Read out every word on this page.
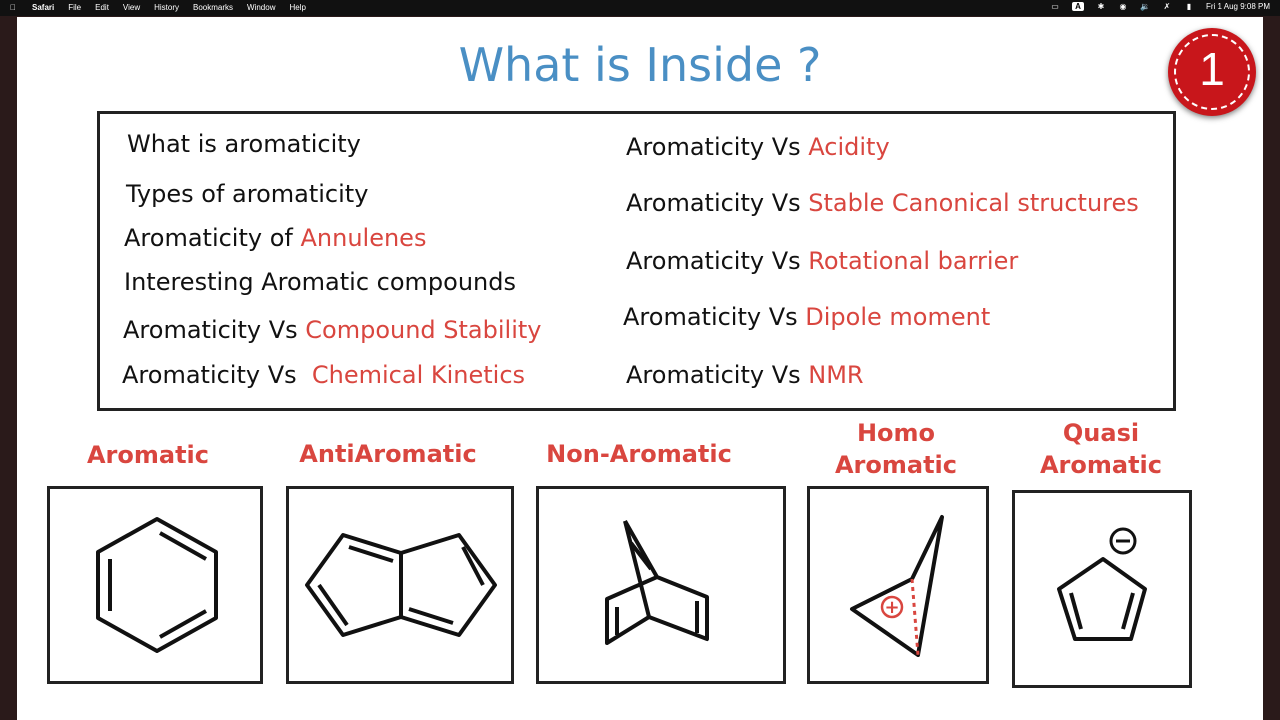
Safari File Edit View History Bookmarks Window Help	▭	A	✱ ◉ 🔉 ✗	▮	Fri 1 Aug 9:08 PM
What is Inside ?	1
What is aromaticity
Types of aromaticity
Aromaticity of Annulenes
Interesting Aromatic compounds
Aromaticity Vs Compound Stability
Aromaticity Vs  Chemical Kinetics
Aromaticity Vs Acidity
Aromaticity Vs Stable Canonical structures
Aromaticity Vs Rotational barrier
Aromaticity Vs Dipole moment
Aromaticity Vs NMR
Aromatic	AntiAromatic	Non-Aromatic
Homo
Aromatic
Quasi
Aromatic
+
